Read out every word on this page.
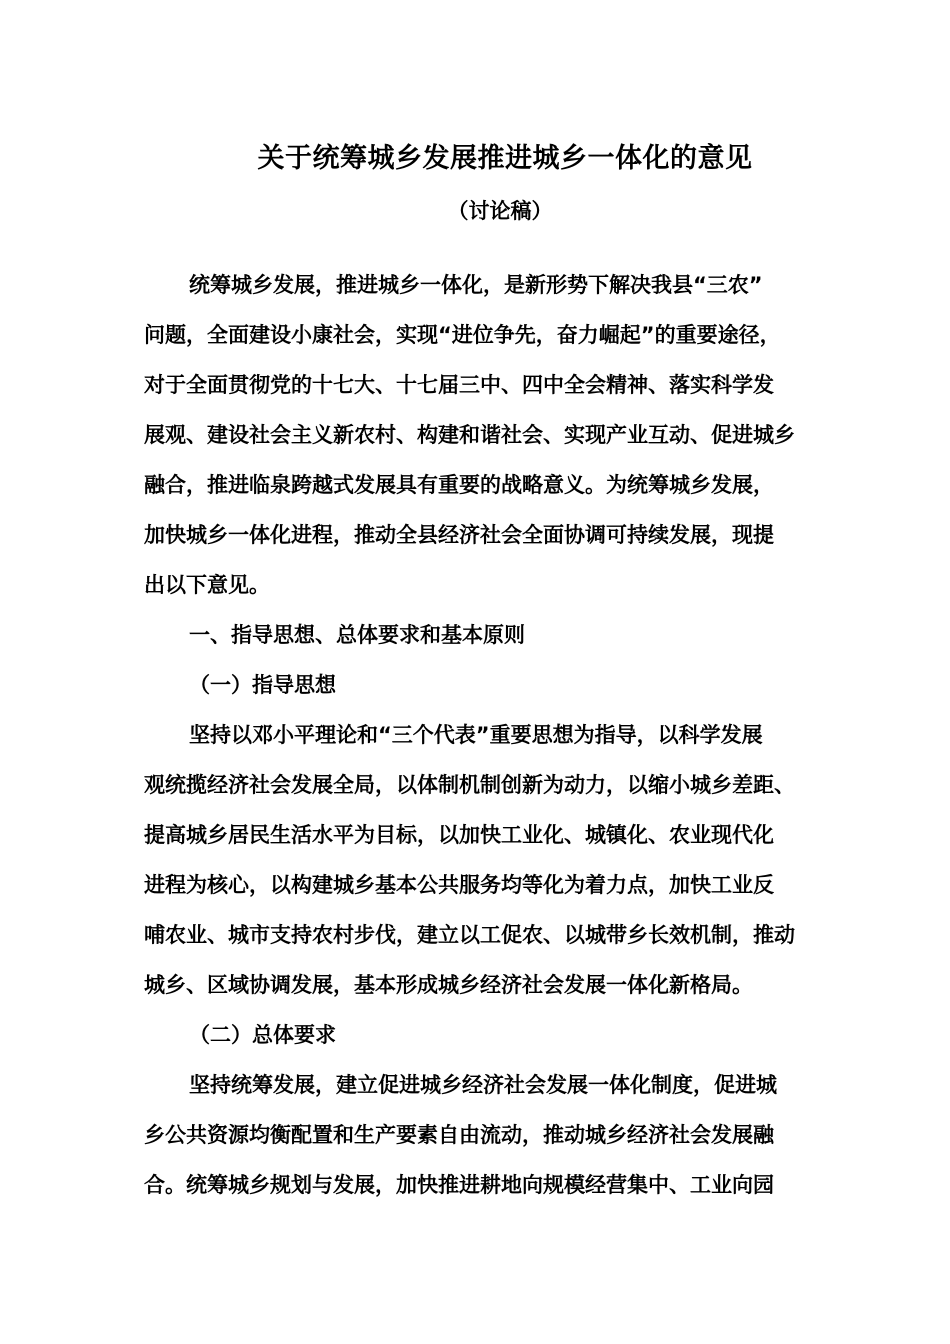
关于统筹城乡发展推进城乡一体化的意见
（讨论稿）
统筹城乡发展，推进城乡一体化，是新形势下解决我县“三农”
问题，全面建设小康社会，实现“进位争先，奋力崛起”的重要途径，
对于全面贯彻党的十七大、十七届三中、四中全会精神、落实科学发
展观、建设社会主义新农村、构建和谐社会、实现产业互动、促进城乡
融合，推进临泉跨越式发展具有重要的战略意义。为统筹城乡发展，
加快城乡一体化进程，推动全县经济社会全面协调可持续发展，现提
出以下意见。
一、指导思想、总体要求和基本原则
（一）指导思想
坚持以邓小平理论和“三个代表”重要思想为指导，以科学发展
观统揽经济社会发展全局，以体制机制创新为动力，以缩小城乡差距、
提高城乡居民生活水平为目标，以加快工业化、城镇化、农业现代化
进程为核心，以构建城乡基本公共服务均等化为着力点，加快工业反
哺农业、城市支持农村步伐，建立以工促农、以城带乡长效机制，推动
城乡、区域协调发展，基本形成城乡经济社会发展一体化新格局。
（二）总体要求
坚持统筹发展，建立促进城乡经济社会发展一体化制度，促进城
乡公共资源均衡配置和生产要素自由流动，推动城乡经济社会发展融
合。统筹城乡规划与发展，加快推进耕地向规模经营集中、工业向园
